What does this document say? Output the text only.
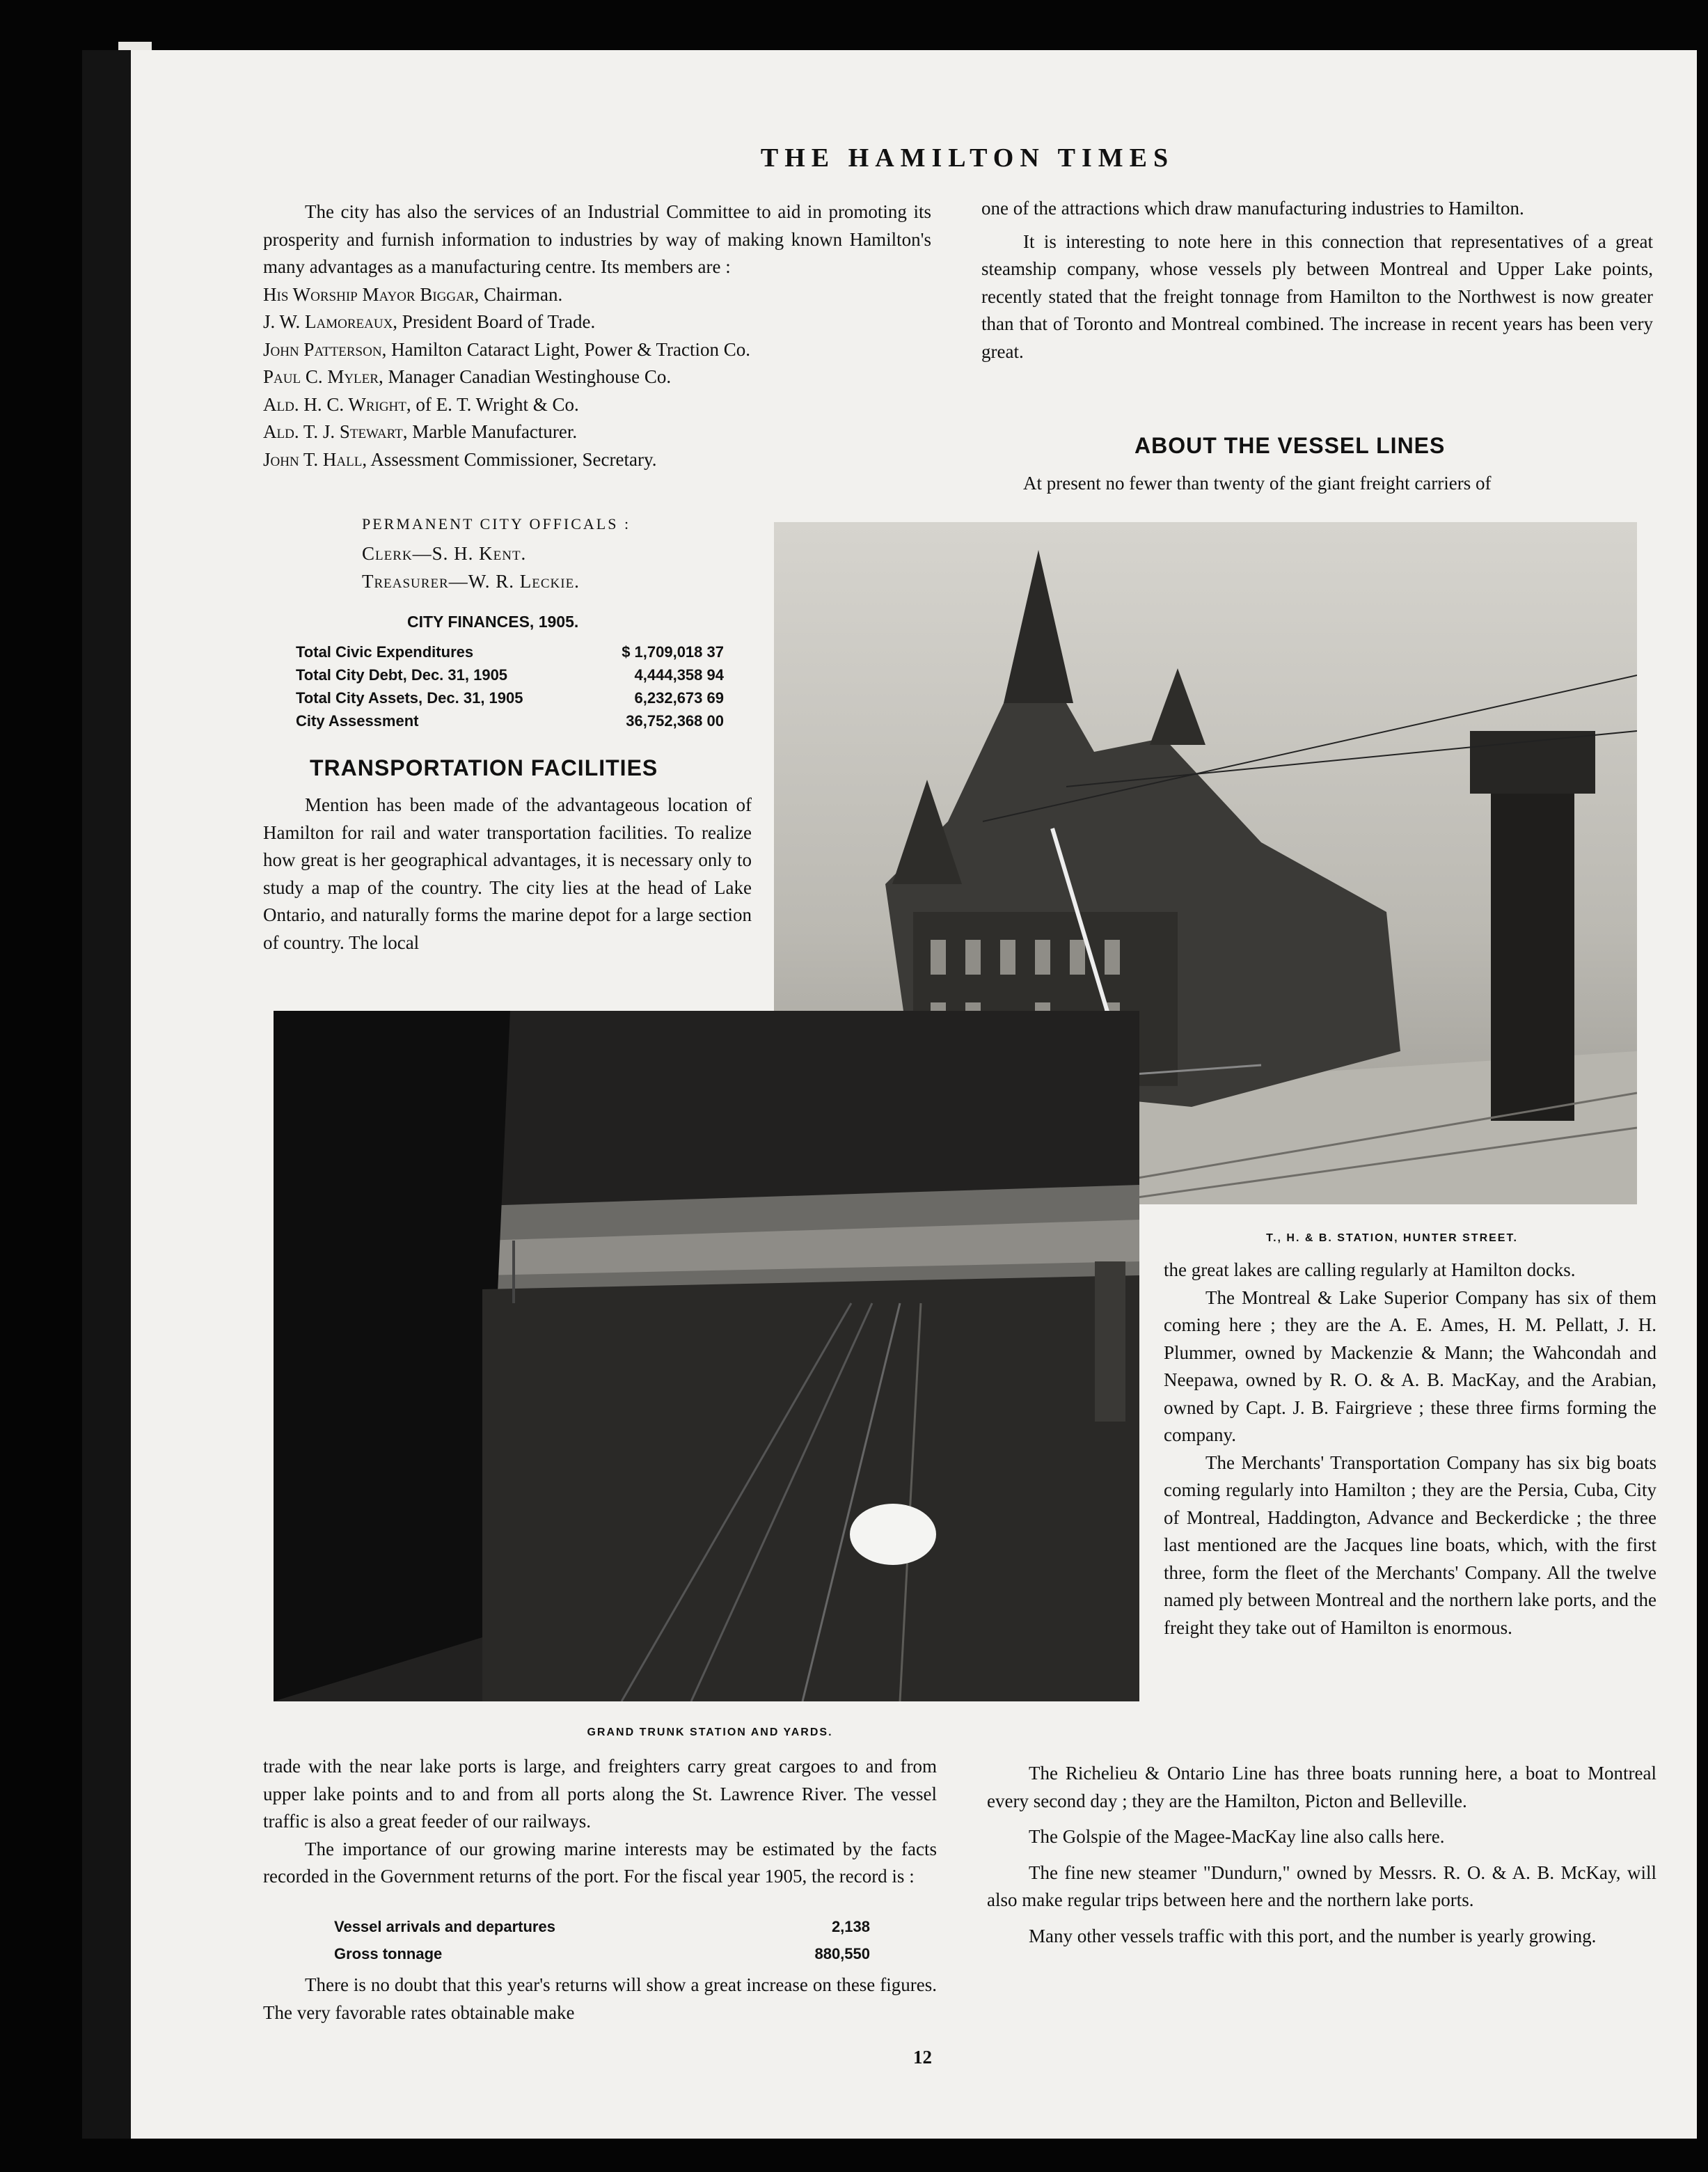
THE HAMILTON TIMES

The city has also the services of an Industrial Committee to aid in promoting its prosperity and furnish information to industries by way of making known Hamilton's many advantages as a manufacturing centre. Its members are :

His Worship Mayor Biggar, Chairman.

J. W. Lamoreaux, President Board of Trade.

John Patterson, Hamilton Cataract Light, Power & Traction Co.

Paul C. Myler, Manager Canadian Westinghouse Co.

Ald. H. C. Wright, of E. T. Wright & Co.

Ald. T. J. Stewart, Marble Manufacturer.

John T. Hall, Assessment Commissioner, Secretary.

PERMANENT CITY OFFICALS :
Clerk—S. H. Kent.
Treasurer—W. R. Leckie.
CITY FINANCES, 1905.
Total Civic Expenditures	$ 1,709,018 37
Total City Debt, Dec. 31, 1905	4,444,358 94
Total City Assets, Dec. 31, 1905	6,232,673 69
City Assessment	36,752,368 00
TRANSPORTATION FACILITIES

Mention has been made of the advantageous location of Hamilton for rail and water transportation facilities. To realize how great is her geographical advantages, it is necessary only to study a map of the country. The city lies at the head of Lake Ontario, and naturally forms the marine depot for a large section of country. The local

one of the attractions which draw manufacturing industries to Hamilton.

It is interesting to note here in this connection that representatives of a great steamship company, whose vessels ply between Montreal and Upper Lake points, recently stated that the freight tonnage from Hamilton to the Northwest is now greater than that of Toronto and Montreal combined. The increase in recent years has been very great.

ABOUT THE VESSEL LINES

At present no fewer than twenty of the giant freight carriers of

T., H. & B. STATION, HUNTER STREET.
GRAND TRUNK STATION AND YARDS.

the great lakes are calling regularly at Hamilton docks.

The Montreal & Lake Superior Company has six of them coming here ; they are the A. E. Ames, H. M. Pellatt, J. H. Plummer, owned by Mackenzie & Mann; the Wahcondah and Neepawa, owned by R. O. & A. B. MacKay, and the Arabian, owned by Capt. J. B. Fairgrieve ; these three firms forming the company.

The Merchants' Transportation Company has six big boats coming regularly into Hamilton ; they are the Persia, Cuba, City of Montreal, Haddington, Advance and Beckerdicke ; the three last mentioned are the Jacques line boats, which, with the first three, form the fleet of the Merchants' Company. All the twelve named ply between Montreal and the northern lake ports, and the freight they take out of Hamilton is enormous.

The Richelieu & Ontario Line has three boats running here, a boat to Montreal every second day ; they are the Hamilton, Picton and Belleville.

The Golspie of the Magee-MacKay line also calls here.

The fine new steamer "Dundurn," owned by Messrs. R. O. & A. B. McKay, will also make regular trips between here and the northern lake ports.

Many other vessels traffic with this port, and the number is yearly growing.

trade with the near lake ports is large, and freighters carry great cargoes to and from upper lake points and to and from all ports along the St. Lawrence River. The vessel traffic is also a great feeder of our railways.

The importance of our growing marine interests may be estimated by the facts recorded in the Government returns of the port. For the fiscal year 1905, the record is :

Vessel arrivals and departures	2,138
Gross tonnage	880,550

There is no doubt that this year's returns will show a great increase on these figures. The very favorable rates obtainable make

12
